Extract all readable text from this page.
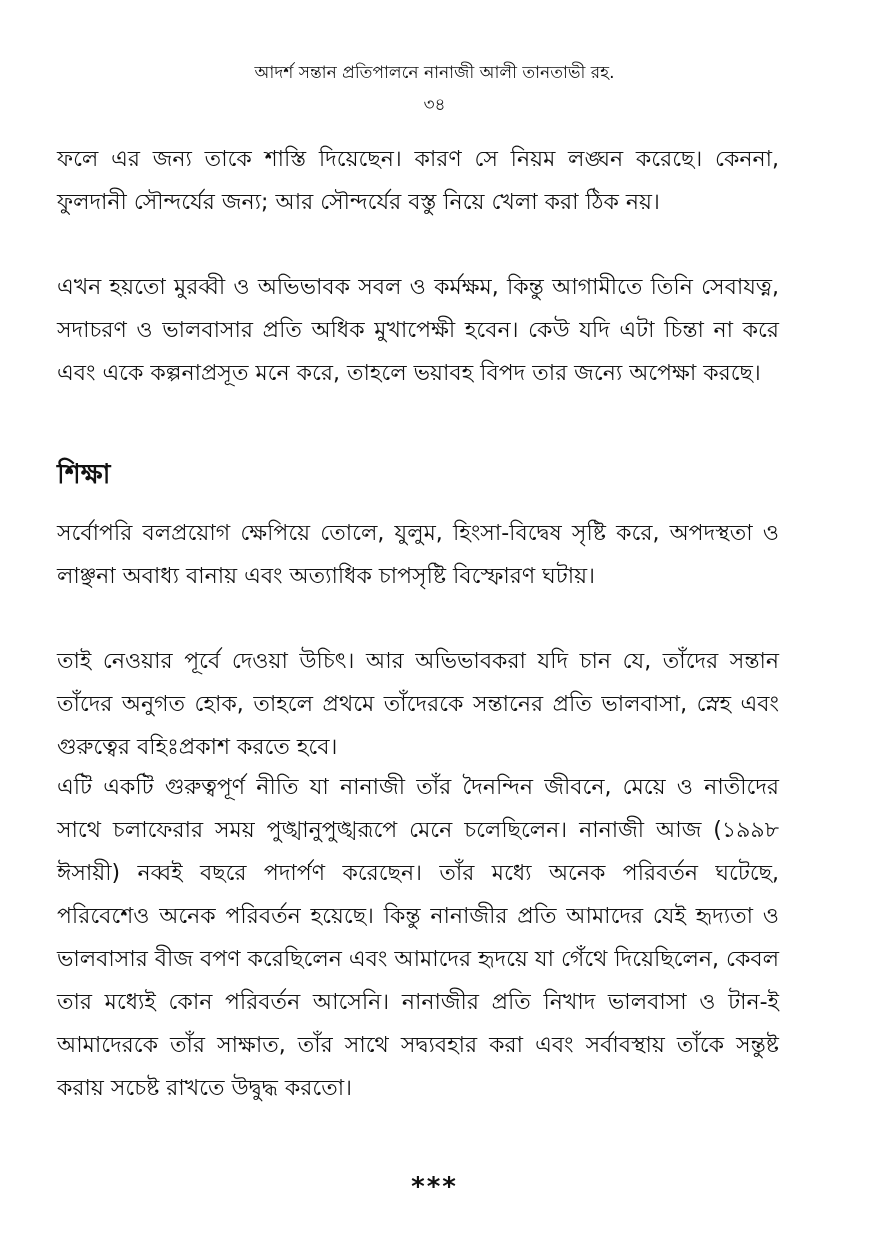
আদর্শ সন্তান প্রতিপালনে নানাজী আলী তানতাভী রহ.
৩৪

ফলে এর জন্য তাকে শাস্তি দিয়েছেন। কারণ সে নিয়ম লঙ্ঘন করেছে। কেননা, ফুলদানী সৌন্দর্যের জন্য; আর সৌন্দর্যের বস্তু নিয়ে খেলা করা ঠিক নয়।

এখন হয়তো মুরব্বী ও অভিভাবক সবল ও কর্মক্ষম, কিন্তু আগামীতে তিনি সেবাযত্ন, সদাচরণ ও ভালবাসার প্রতি অধিক মুখাপেক্ষী হবেন। কেউ যদি এটা চিন্তা না করে এবং একে কল্পনাপ্রসূত মনে করে, তাহলে ভয়াবহ বিপদ তার জন্যে অপেক্ষা করছে।

শিক্ষা

সর্বোপরি বলপ্রয়োগ ক্ষেপিয়ে তোলে, যুলুম, হিংসা-বিদ্বেষ সৃষ্টি করে, অপদস্থতা ও লাঞ্ছনা অবাধ্য বানায় এবং অত্যাধিক চাপসৃষ্টি বিস্ফোরণ ঘটায়।

তাই নেওয়ার পূর্বে দেওয়া উচিৎ। আর অভিভাবকরা যদি চান যে, তাঁদের সন্তান তাঁদের অনুগত হোক, তাহলে প্রথমে তাঁদেরকে সন্তানের প্রতি ভালবাসা, স্নেহ এবং গুরুত্বের বহিঃপ্রকাশ করতে হবে।

এটি একটি গুরুত্বপূর্ণ নীতি যা নানাজী তাঁর দৈনন্দিন জীবনে, মেয়ে ও নাতীদের সাথে চলাফেরার সময় পুঙ্খানুপুঙ্খরূপে মেনে চলেছিলেন। নানাজী আজ (১৯৯৮ ঈসায়ী) নব্বই বছরে পদার্পণ করেছেন। তাঁর মধ্যে অনেক পরিবর্তন ঘটেছে, পরিবেশেও অনেক পরিবর্তন হয়েছে। কিন্তু নানাজীর প্রতি আমাদের যেই হৃদ্যতা ও ভালবাসার বীজ বপণ করেছিলেন এবং আমাদের হৃদয়ে যা গেঁথে দিয়েছিলেন, কেবল তার মধ্যেই কোন পরিবর্তন আসেনি। নানাজীর প্রতি নিখাদ ভালবাসা ও টান-ই আমাদেরকে তাঁর সাক্ষাত, তাঁর সাথে সদ্ব্যবহার করা এবং সর্বাবস্থায় তাঁকে সন্তুষ্ট করায় সচেষ্ট রাখতে উদ্বুদ্ধ করতো।

***
